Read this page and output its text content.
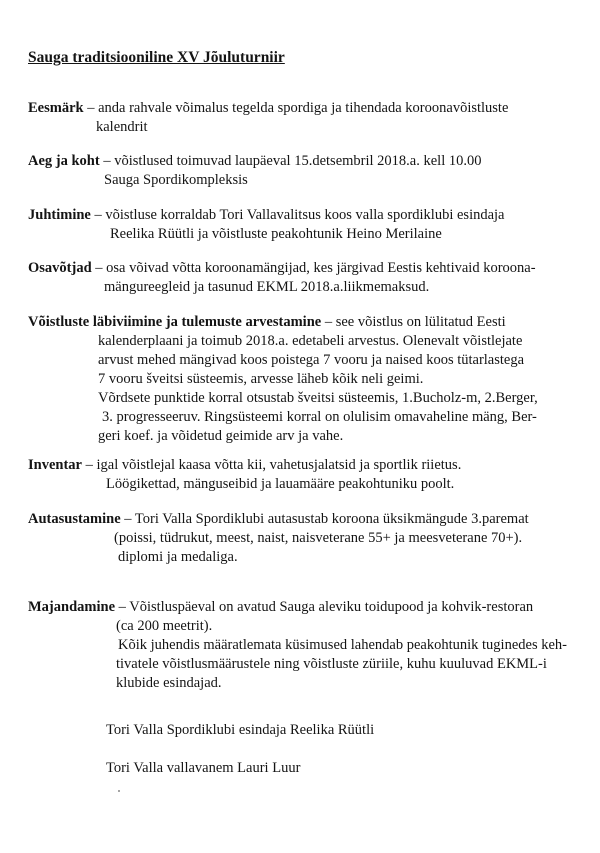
Sauga traditsiooniline XV Jõuluturniir
Eesmärk – anda rahvale võimalus tegelda spordiga ja tihendada koroonavõistluste
kalendrit
Aeg ja koht – võistlused toimuvad laupäeval 15.detsembril 2018.a. kell 10.00
Sauga Spordikompleksis
Juhtimine – võistluse korraldab Tori Vallavalitsus koos valla spordiklubi esindaja
Reelika Rüütli ja võistluste peakohtunik Heino Merilaine
Osavõtjad – osa võivad võtta koroonamängijad, kes järgivad Eestis kehtivaid koroona-
mängureegleid ja tasunud EKML 2018.a.liikmemaksud.
Võistluste läbiviimine ja tulemuste arvestamine – see võistlus on lülitatud Eesti
kalenderplaani ja toimub 2018.a. edetabeli arvestus. Olenevalt võistlejate
arvust mehed mängivad koos poistega 7 vooru ja naised koos tütarlastega
7 vooru šveitsi süsteemis, arvesse läheb kõik neli geimi.
Võrdsete punktide korral otsustab šveitsi süsteemis, 1.Bucholz-m, 2.Berger,
3. progresseeruv. Ringsüsteemi korral on olulisim omavaheline mäng, Ber-
geri koef. ja võidetud geimide arv ja vahe.
Inventar – igal võistlejal kaasa võtta kii, vahetusjalatsid ja sportlik riietus.
Löögikettad, mänguseibid ja lauamääre peakohtuniku poolt.
Autasustamine – Tori Valla Spordiklubi autasustab koroona üksikmängude 3.paremat
(poissi, tüdrukut, meest, naist, naisveterane 55+ ja meesveterane 70+).
diplomi ja medaliga.
Majandamine – Võistluspäeval on avatud Sauga aleviku toidupood ja kohvik-restoran
(ca 200 meetrit).
Kõik juhendis määratlemata küsimused lahendab peakohtunik tuginedes keh-
tivatele võistlusmäärustele ning võistluste züriile, kuhu kuuluvad EKML-i
klubide esindajad.
Tori Valla Spordiklubi esindaja Reelika Rüütli
Tori Valla vallavanem Lauri Luur
